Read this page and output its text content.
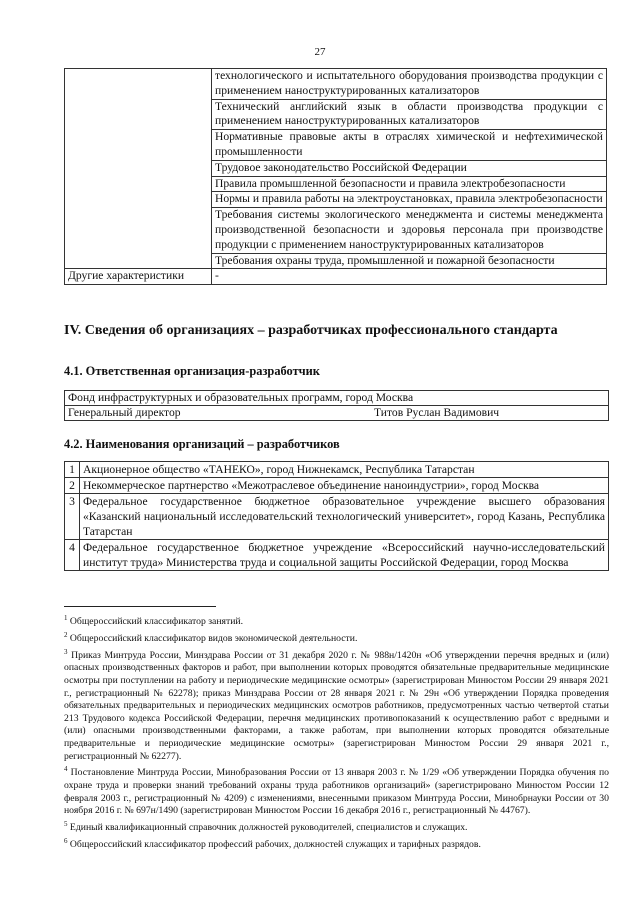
27
	технологического и испытательного оборудования производства продукции с применением наноструктурированных катализаторов
	Технический английский язык в области производства продукции с применением наноструктурированных катализаторов
	Нормативные правовые акты в отраслях химической и нефтехимической промышленности
	Трудовое законодательство Российской Федерации
	Правила промышленной безопасности и правила электробезопасности
	Нормы и правила работы на электроустановках, правила электробезопасности
	Требования системы экологического менеджмента и системы менеджмента производственной безопасности и здоровья персонала при производстве продукции с применением наноструктурированных катализаторов
	Требования охраны труда, промышленной и пожарной безопасности
Другие характеристики	-
IV. Сведения об организациях – разработчиках профессионального стандарта
4.1. Ответственная организация-разработчик
Фонд инфраструктурных и образовательных программ, город Москва
Генеральный директор	Титов Руслан Вадимович
4.2. Наименования организаций – разработчиков
1	Акционерное общество «ТАНЕКО», город Нижнекамск, Республика Татарстан
2	Некоммерческое партнерство «Межотраслевое объединение наноиндустрии», город Москва
3	Федеральное государственное бюджетное образовательное учреждение высшего образования «Казанский национальный исследовательский технологический университет», город Казань, Республика Татарстан
4	Федеральное государственное бюджетное учреждение «Всероссийский научно-исследовательский институт труда» Министерства труда и социальной защиты Российской Федерации, город Москва

$^1$ Общероссийский классификатор занятий.

$^2$ Общероссийский классификатор видов экономической деятельности.

$^3$ Приказ Минтруда России, Минздрава России от 31 декабря 2020 г. № 988н/1420н «Об утверждении перечня вредных и (или) опасных производственных факторов и работ, при выполнении которых проводятся обязательные предварительные медицинские осмотры при поступлении на работу и периодические медицинские осмотры» (зарегистрирован Минюстом России 29 января 2021 г., регистрационный № 62278); приказ Минздрава России от 28 января 2021 г. № 29н «Об утверждении Порядка проведения обязательных предварительных и периодических медицинских осмотров работников, предусмотренных частью четвертой статьи 213 Трудового кодекса Российской Федерации, перечня медицинских противопоказаний к осуществлению работ с вредными и (или) опасными производственными факторами, а также работам, при выполнении которых проводятся обязательные предварительные и периодические медицинские осмотры» (зарегистрирован Минюстом России 29 января 2021 г., регистрационный № 62277).

$^4$ Постановление Минтруда России, Минобразования России от 13 января 2003 г. № 1/29 «Об утверждении Порядка обучения по охране труда и проверки знаний требований охраны труда работников организаций» (зарегистрировано Минюстом России 12 февраля 2003 г., регистрационный № 4209) с изменениями, внесенными приказом Минтруда России, Минобрнауки России от 30 ноября 2016 г. № 697н/1490 (зарегистрирован Минюстом России 16 декабря 2016 г., регистрационный № 44767).

$^5$ Единый квалификационный справочник должностей руководителей, специалистов и служащих.

$^6$ Общероссийский классификатор профессий рабочих, должностей служащих и тарифных разрядов.
